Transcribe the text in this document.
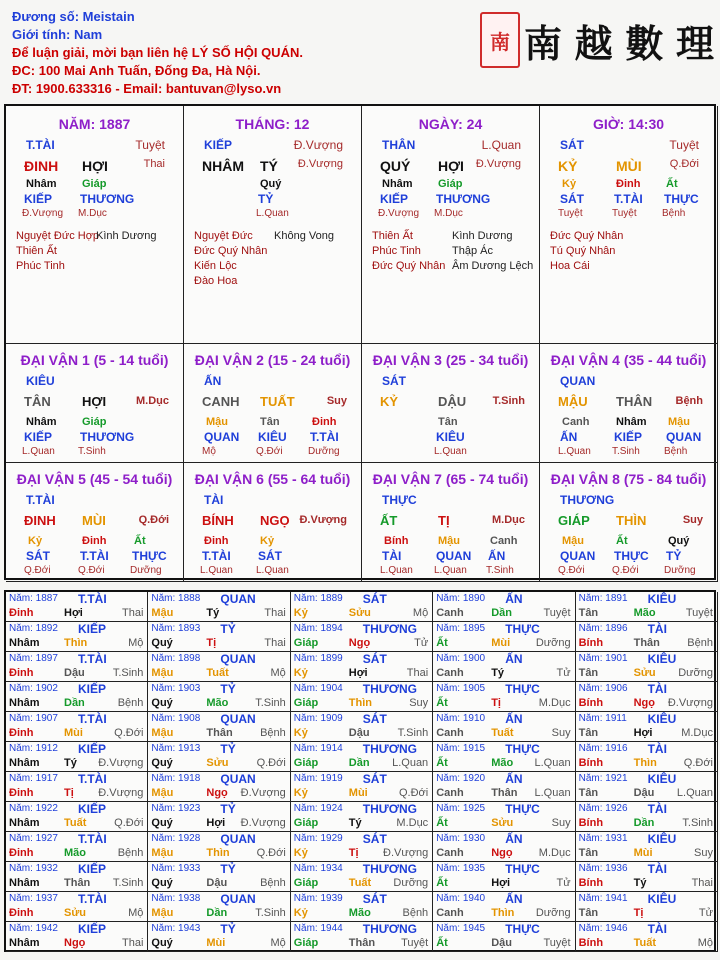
Đương số: Meistain
Giới tính: Nam
Để luận giải, mời bạn liên hệ LÝ SỐ HỘI QUÁN.
ĐC: 100 Mai Anh Tuấn, Đống Đa, Hà Nội.
ĐT: 1900.633316 - Email: bantuvan@lyso.vn
南 南 越 數 理
NĂM: 1887
T.TÀI	Tuyệt
ĐINH HỢI	Thai
Nhâm
KIẾP
Đ.Vượng
Giáp
THƯƠNG
M.Dục
Nguyệt Đức Hợp
Thiên Ất
Phúc Tinh
Kình Dương
THÁNG: 12
KIẾP	Đ.Vượng
NHÂM TÝ Đ.Vượng
Quý
TỶ
L.Quan
Nguyệt Đức
Đức Quý Nhân
Kiến Lộc
Đào Hoa
Không Vong
NGÀY: 24
THÂN	L.Quan
QUÝ HỢI Đ.Vượng
Nhâm
KIẾP
Đ.Vượng
Giáp
THƯƠNG
M.Dục
Thiên Ất
Phúc Tinh
Đức Quý Nhân
Kình Dương
Thập Ác
Âm Dương Lệch
GIỜ: 14:30
SÁT	Tuyệt
KỶ	MÙI	Q.Đới
Kỷ
SÁT
Tuyệt
Đinh
T.TÀI
Tuyệt
Ất
THỰC
Bệnh
Đức Quý Nhân
Tú Quý Nhân
Hoa Cái
ĐẠI VẬN 1 (5 - 14 tuổi)
KIÊU
TÂN HỢI	M.Dục
Nhâm
KIẾP
L.Quan
Giáp
THƯƠNG
T.Sinh
ĐẠI VẬN 2 (15 - 24 tuổi)
ẤN
CANH TUẤT	Suy
Mậu
QUAN
Mộ
Tân
KIÊU
Q.Đới
Đinh
T.TÀI
Dưỡng
ĐẠI VẬN 3 (25 - 34 tuổi)
SÁT
KỶ	DẬU T.Sinh
Tân
KIÊU
L.Quan
ĐẠI VẬN 4 (35 - 44 tuổi)
QUAN
MẬU THÂN Bệnh
Canh
ẤN
L.Quan
Nhâm
KIẾP
T.Sinh
Mậu
QUAN
Bệnh
ĐẠI VẬN 5 (45 - 54 tuổi)
T.TÀI
ĐINH MÙI	Q.Đới
Kỷ
SÁT
Q.Đới
Đinh
T.TÀI
Q.Đới
Ất
THỰC
Dưỡng
ĐẠI VẬN 6 (55 - 64 tuổi)
TÀI
BÍNH NGỌ Đ.Vượng
Đinh
T.TÀI
L.Quan
Kỷ
SÁT
L.Quan
ĐẠI VẬN 7 (65 - 74 tuổi)
THỰC
ẤT	TỊ	M.Dục
Bính
TÀI
L.Quan
Mậu
QUAN
L.Quan
Canh
ẤN
T.Sinh
ĐẠI VẬN 8 (75 - 84 tuổi)
THƯƠNG
GIÁP THÌN	Suy
Mậu
QUAN
Q.Đới
Ất
THỰC
Q.Đới
Quý
TỶ
Dưỡng
Năm: 1887 T.TÀI
Đinh	Hợi	Thai
Năm: 1888 QUAN
Mậu	Tý	Thai
Năm: 1889 SÁT
Kỷ	Sửu	Mộ
Năm: 1890 ẤN
Canh	Dần	Tuyệt
Năm: 1891 KIÊU
Tân	Mão	Tuyệt
Năm: 1892 KIẾP
Nhâm Thìn	Mộ
Năm: 1893 TỶ
Quý	Tị	Thai
Năm: 1894 THƯƠNG
Giáp	Ngọ	Tử
Năm: 1895 THỰC
Ất	Mùi Dưỡng
Năm: 1896 TÀI
Bính	Thân Bệnh
Năm: 1897 T.TÀI
Đinh	Dậu	T.Sinh
Năm: 1898 QUAN
Mậu	Tuất	Mộ
Năm: 1899 SÁT
Kỷ	Hợi	Thai
Năm: 1900 ẤN
Canh	Tý	Tử
Năm: 1901 KIÊU
Tân	Sửu Dưỡng
Năm: 1902 KIẾP
Nhâm Dần	Bệnh
Năm: 1903 TỶ
Quý	Mão T.Sinh
Năm: 1904 THƯƠNG
Giáp	Thìn	Suy
Năm: 1905 THỰC
Ất	Tị	M.Dục
Năm: 1906 TÀI
Bính	Ngọ Đ.Vượng
Năm: 1907 T.TÀI
Đinh	Mùi	Q.Đới
Năm: 1908 QUAN
Mậu	Thân Bệnh
Năm: 1909 SÁT
Kỷ	Dậu	T.Sinh
Năm: 1910 ẤN
Canh	Tuất	Suy
Năm: 1911 KIÊU
Tân	Hợi	M.Dục
Năm: 1912 KIẾP
Nhâm Tý Đ.Vượng
Năm: 1913 TỶ
Quý	Sửu	Q.Đới
Năm: 1914 THƯƠNG
Giáp	Dần L.Quan
Năm: 1915 THỰC
Ất	Mão L.Quan
Năm: 1916 TÀI
Bính	Thìn Q.Đới
Năm: 1917 T.TÀI
Đinh	Tị Đ.Vượng
Năm: 1918 QUAN
Mậu	Ngọ Đ.Vượng
Năm: 1919 SÁT
Kỷ	Mùi	Q.Đới
Năm: 1920 ẤN
Canh	Thân L.Quan
Năm: 1921 KIÊU
Tân	Dậu L.Quan
Năm: 1922 KIẾP
Nhâm Tuất	Q.Đới
Năm: 1923 TỶ
Quý	Hợi Đ.Vượng
Năm: 1924 THƯƠNG
Giáp	Tý	M.Dục
Năm: 1925 THỰC
Ất	Sửu	Suy
Năm: 1926 TÀI
Bính	Dần	T.Sinh
Năm: 1927 T.TÀI
Đinh	Mão	Bệnh
Năm: 1928 QUAN
Mậu	Thìn Q.Đới
Năm: 1929 SÁT
Kỷ	Tị Đ.Vượng
Năm: 1930 ẤN
Canh	Ngọ M.Dục
Năm: 1931 KIÊU
Tân	Mùi	Suy
Năm: 1932 KIẾP
Nhâm Thân T.Sinh
Năm: 1933 TỶ
Quý	Dậu	Bệnh
Năm: 1934 THƯƠNG
Giáp	Tuất Dưỡng
Năm: 1935 THỰC
Ất	Hợi	Tử
Năm: 1936 TÀI
Bính	Tý	Thai
Năm: 1937 T.TÀI
Đinh	Sửu	Mộ
Năm: 1938 QUAN
Mậu	Dần	T.Sinh
Năm: 1939 SÁT
Kỷ	Mão	Bệnh
Năm: 1940 ẤN
Canh	Thìn Dưỡng
Năm: 1941 KIÊU
Tân	Tị	Tử
Năm: 1942 KIẾP
Nhâm Ngọ	Thai
Năm: 1943 TỶ
Quý	Mùi	Mộ
Năm: 1944 THƯƠNG
Giáp	Thân Tuyệt
Năm: 1945 THỰC
Ất	Dậu	Tuyệt
Năm: 1946 TÀI
Bính	Tuất	Mộ
